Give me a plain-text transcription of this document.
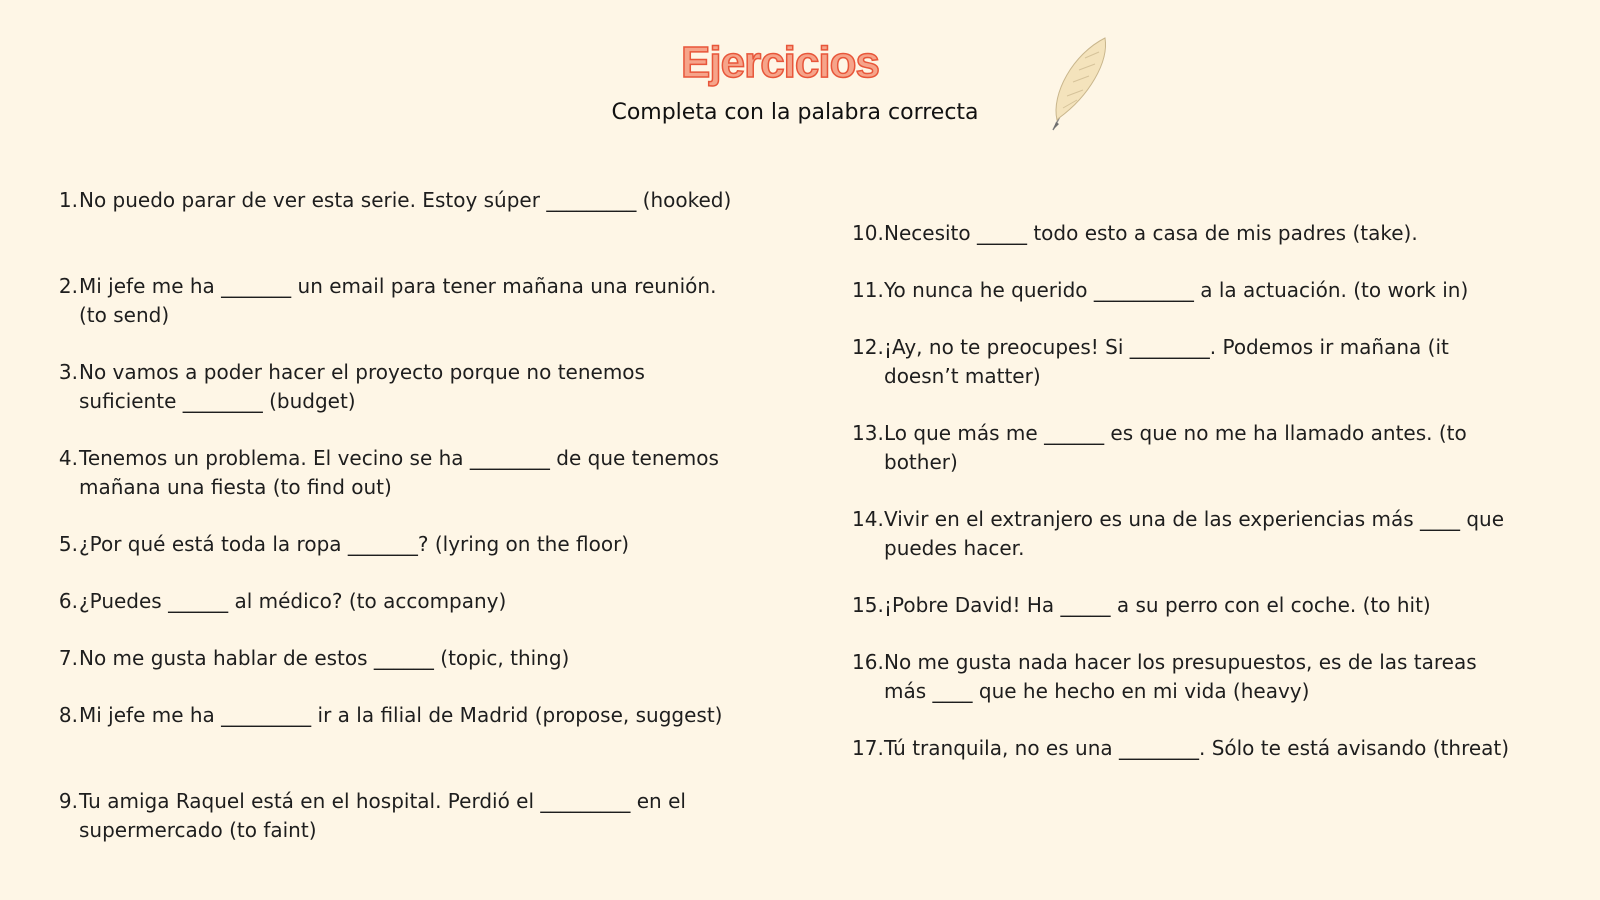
Ejercicios
Completa con la palabra correcta
1. No puedo parar de ver esta serie. Estoy súper _________ (hooked)
2. Mi jefe me ha _______ un email para tener mañana una reunión. (to send)
3. No vamos a poder hacer el proyecto porque no tenemos suficiente ________ (budget)
4. Tenemos un problema. El vecino se ha ________ de que tenemos mañana una fiesta (to find out)
5. ¿Por qué está toda la ropa _______? (lyring on the floor)
6. ¿Puedes ______ al médico? (to accompany)
7. No me gusta hablar de estos ______ (topic, thing)
8. Mi jefe me ha _________ ir a la filial de Madrid (propose, suggest)
9. Tu amiga Raquel está en el hospital. Perdió el _________ en el supermercado (to faint)
10. Necesito _____ todo esto a casa de mis padres (take).
11. Yo nunca he querido __________ a la actuación. (to work in)
12. ¡Ay, no te preocupes! Si ________. Podemos ir mañana (it doesn’t matter)
13. Lo que más me ______ es que no me ha llamado antes. (to bother)
14. Vivir en el extranjero es una de las experiencias más ____ que puedes hacer.
15. ¡Pobre David! Ha _____ a su perro con el coche. (to hit)
16. No me gusta nada hacer los presupuestos, es de las tareas más ____ que he hecho en mi vida (heavy)
17. Tú tranquila, no es una ________. Sólo te está avisando (threat)
